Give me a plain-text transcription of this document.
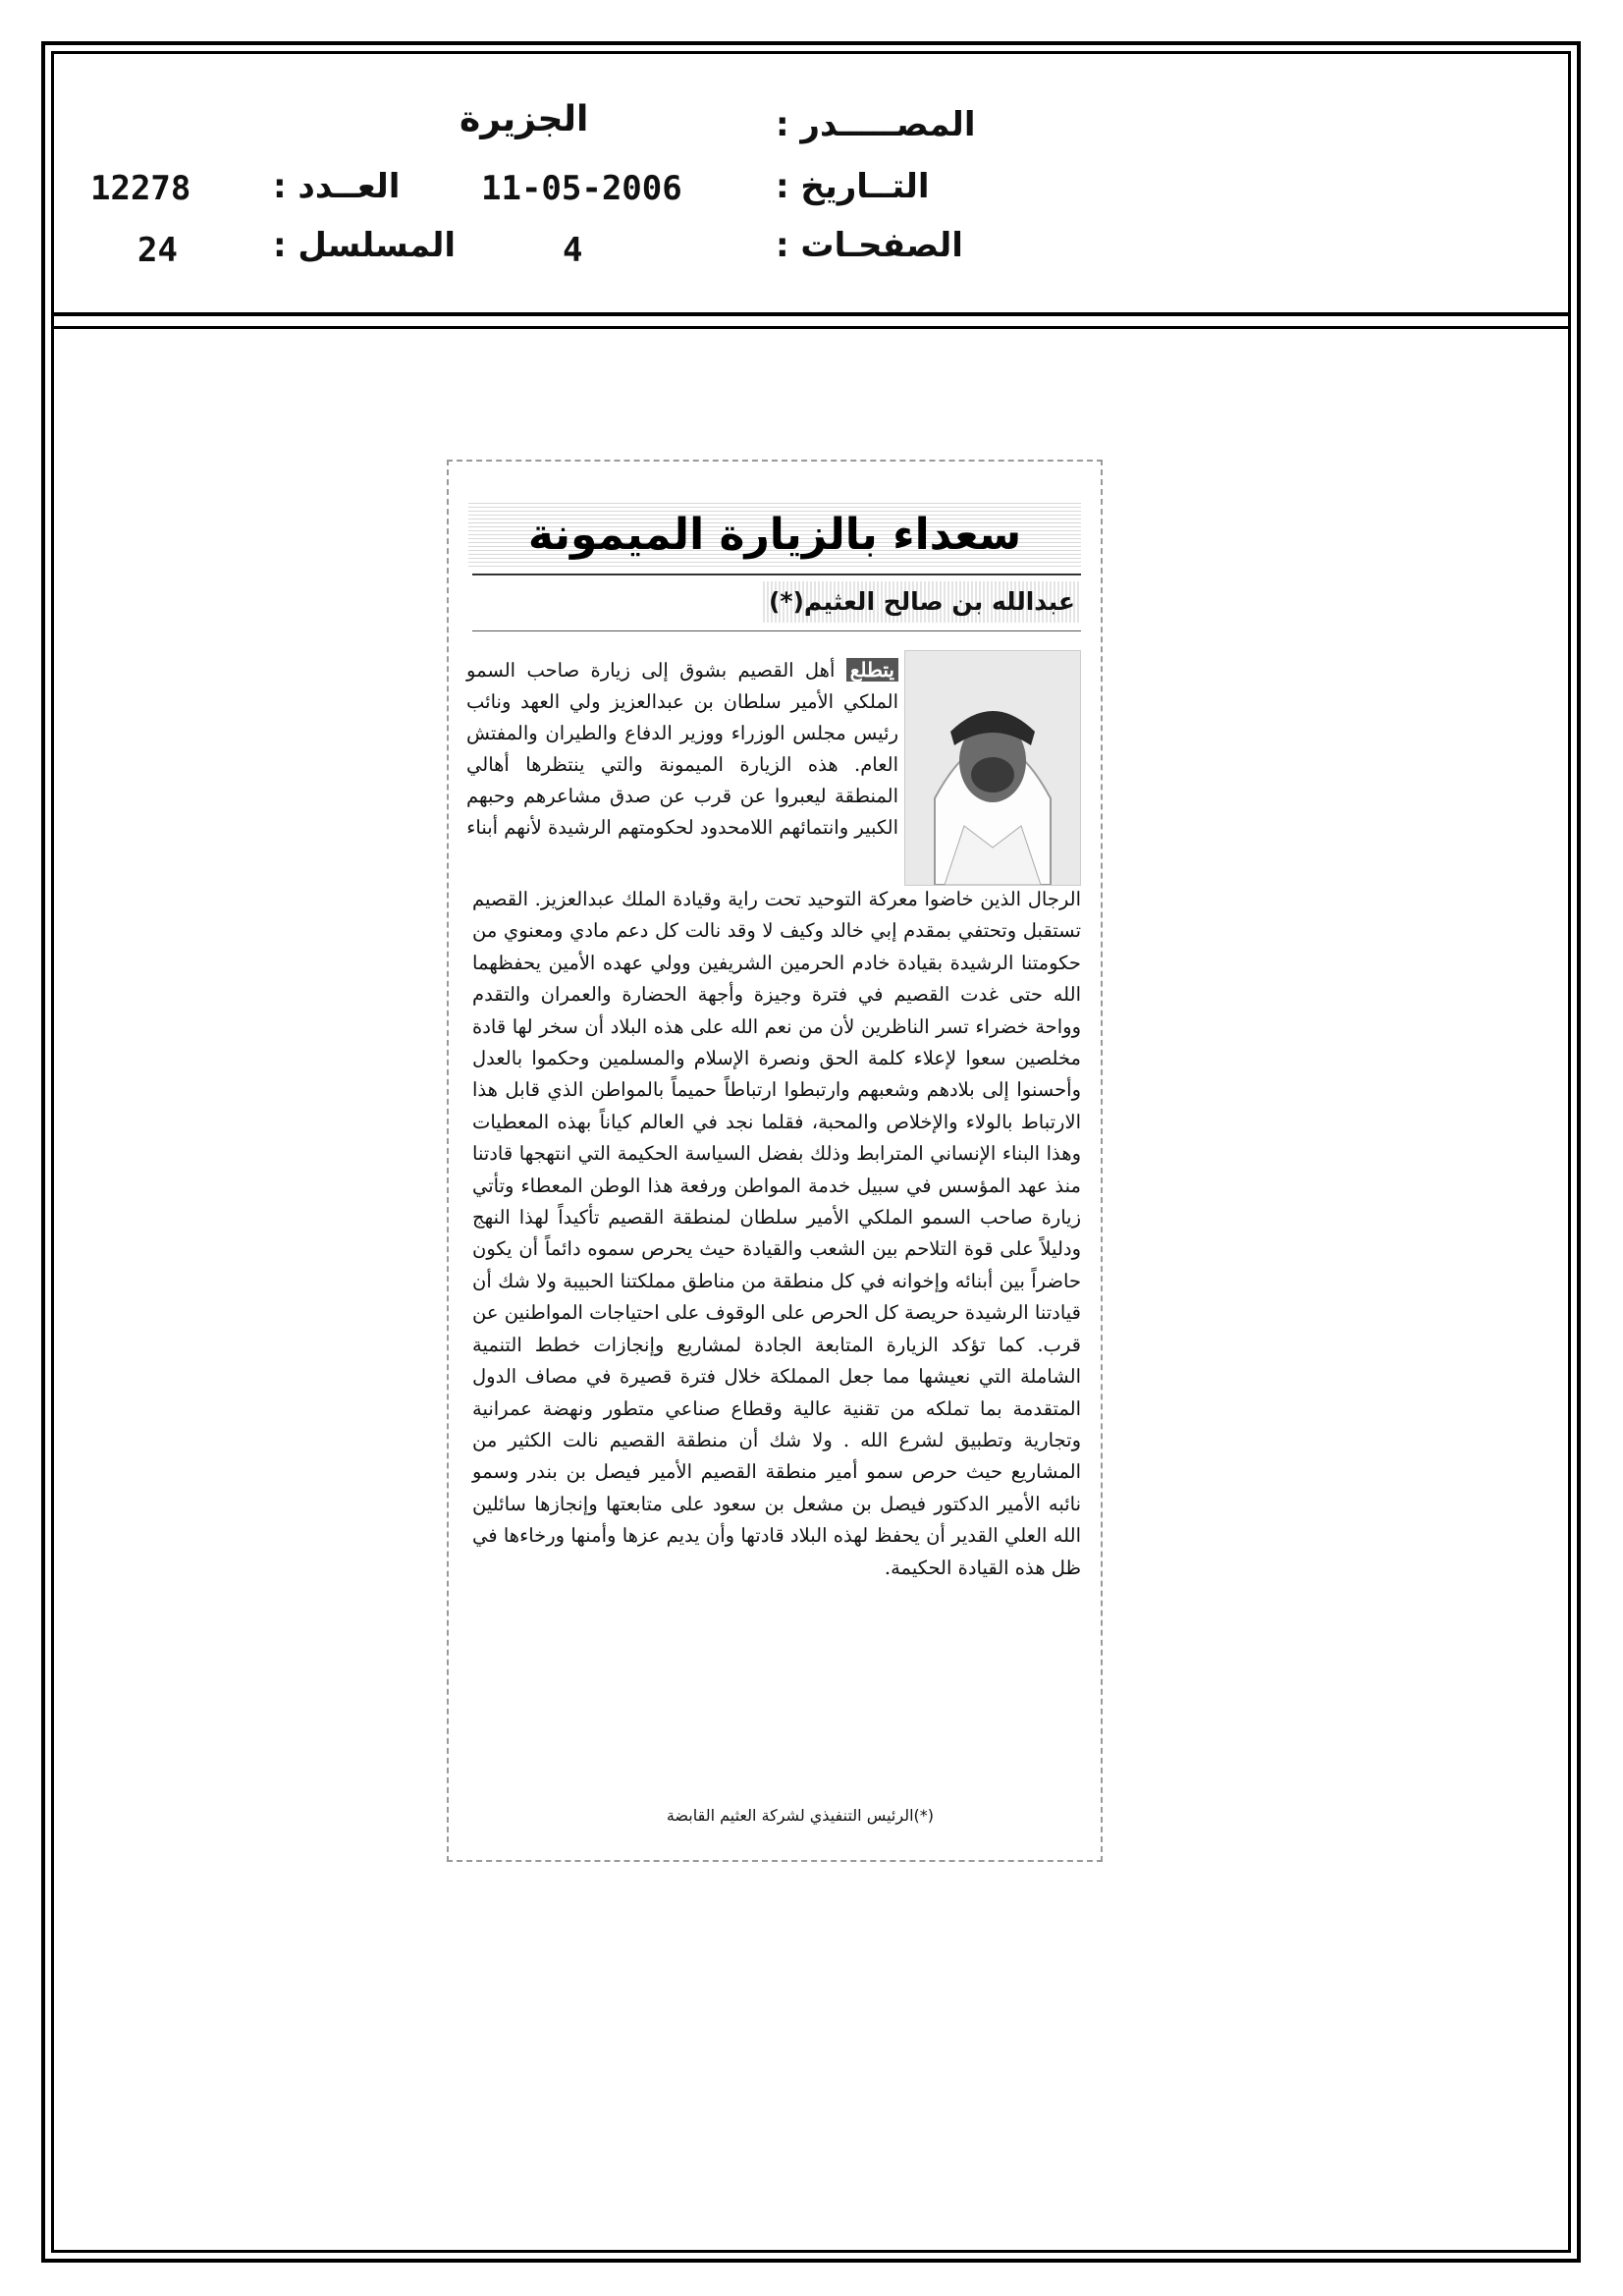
المصـــــدر :
الجزيرة
التــاريخ :
11-05-2006
العــدد :
12278
الصفحـات :
4
المسلسل :
24
سعداء بالزيارة الميمونة
عبدالله بن صالح العثيم(*)
يتطلع أهل القصيم بشوق إلى زيارة صاحب السمو الملكي الأمير سلطان بن عبدالعزيز ولي العهد ونائب رئيس مجلس الوزراء ووزير الدفاع والطيران والمفتش العام. هذه الزيارة الميمونة والتي ينتظرها أهالي المنطقة ليعبروا عن قرب عن صدق مشاعرهم وحبهم الكبير وانتمائهم اللامحدود لحكومتهم الرشيدة لأنهم أبناء
الرجال الذين خاضوا معركة التوحيد تحت راية وقيادة الملك عبدالعزيز. القصيم تستقبل وتحتفي بمقدم إبي خالد وكيف لا وقد نالت كل دعم مادي ومعنوي من حكومتنا الرشيدة بقيادة خادم الحرمين الشريفين وولي عهده الأمين يحفظهما الله حتى غدت القصيم في فترة وجيزة وأجهة الحضارة والعمران والتقدم وواحة خضراء تسر الناظرين لأن من نعم الله على هذه البلاد أن سخر لها قادة مخلصين سعوا لإعلاء كلمة الحق ونصرة الإسلام والمسلمين وحكموا بالعدل وأحسنوا إلى بلادهم وشعبهم وارتبطوا ارتباطاً حميماً بالمواطن الذي قابل هذا الارتباط بالولاء والإخلاص والمحبة، فقلما نجد في العالم كياناً بهذه المعطيات وهذا البناء الإنساني المترابط وذلك بفضل السياسة الحكيمة التي انتهجها قادتنا منذ عهد المؤسس في سبيل خدمة المواطن ورفعة هذا الوطن المعطاء وتأتي زيارة صاحب السمو الملكي الأمير سلطان لمنطقة القصيم تأكيداً لهذا النهج ودليلاً على قوة التلاحم بين الشعب والقيادة حيث يحرص سموه دائماً أن يكون حاضراً بين أبنائه وإخوانه في كل منطقة من مناطق مملكتنا الحبيبة ولا شك أن قيادتنا الرشيدة حريصة كل الحرص على الوقوف على احتياجات المواطنين عن قرب. كما تؤكد الزيارة المتابعة الجادة لمشاريع وإنجازات خطط التنمية الشاملة التي نعيشها مما جعل المملكة خلال فترة قصيرة في مصاف الدول المتقدمة بما تملكه من تقنية عالية وقطاع صناعي متطور ونهضة عمرانية وتجارية وتطبيق لشرع الله . ولا شك أن منطقة القصيم نالت الكثير من المشاريع حيث حرص سمو أمير منطقة القصيم الأمير فيصل بن بندر وسمو نائبه الأمير الدكتور فيصل بن مشعل بن سعود على متابعتها وإنجازها سائلين الله العلي القدير أن يحفظ لهذه البلاد قادتها وأن يديم عزها وأمنها ورخاءها في ظل هذه القيادة الحكيمة.
(*)الرئيس التنفيذي لشركة العثيم القابضة
